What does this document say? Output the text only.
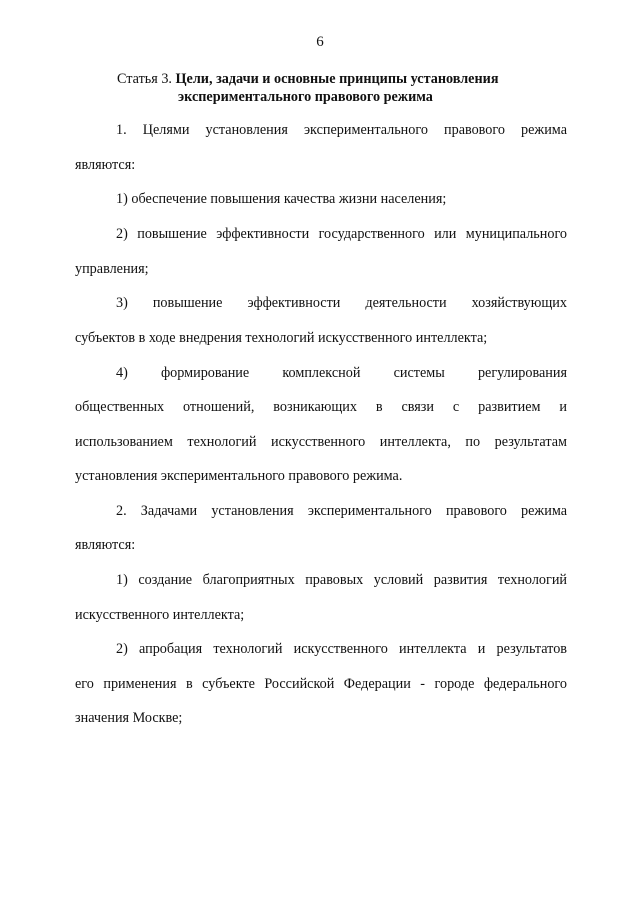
6
Статья 3. Цели, задачи и основные принципы установления
экспериментального правового режима
1. Целями установления экспериментального правового режима
являются:
1) обеспечение повышения качества жизни населения;
2) повышение эффективности государственного или муниципального
управления;
3) повышение эффективности деятельности хозяйствующих
субъектов в ходе внедрения технологий искусственного интеллекта;
4) формирование комплексной системы регулирования
общественных отношений, возникающих в связи с развитием и
использованием технологий искусственного интеллекта, по результатам
установления экспериментального правового режима.
2. Задачами установления экспериментального правового режима
являются:
1) создание благоприятных правовых условий развития технологий
искусственного интеллекта;
2) апробация технологий искусственного интеллекта и результатов
его применения в субъекте Российской Федерации - городе федерального
значения Москве;
